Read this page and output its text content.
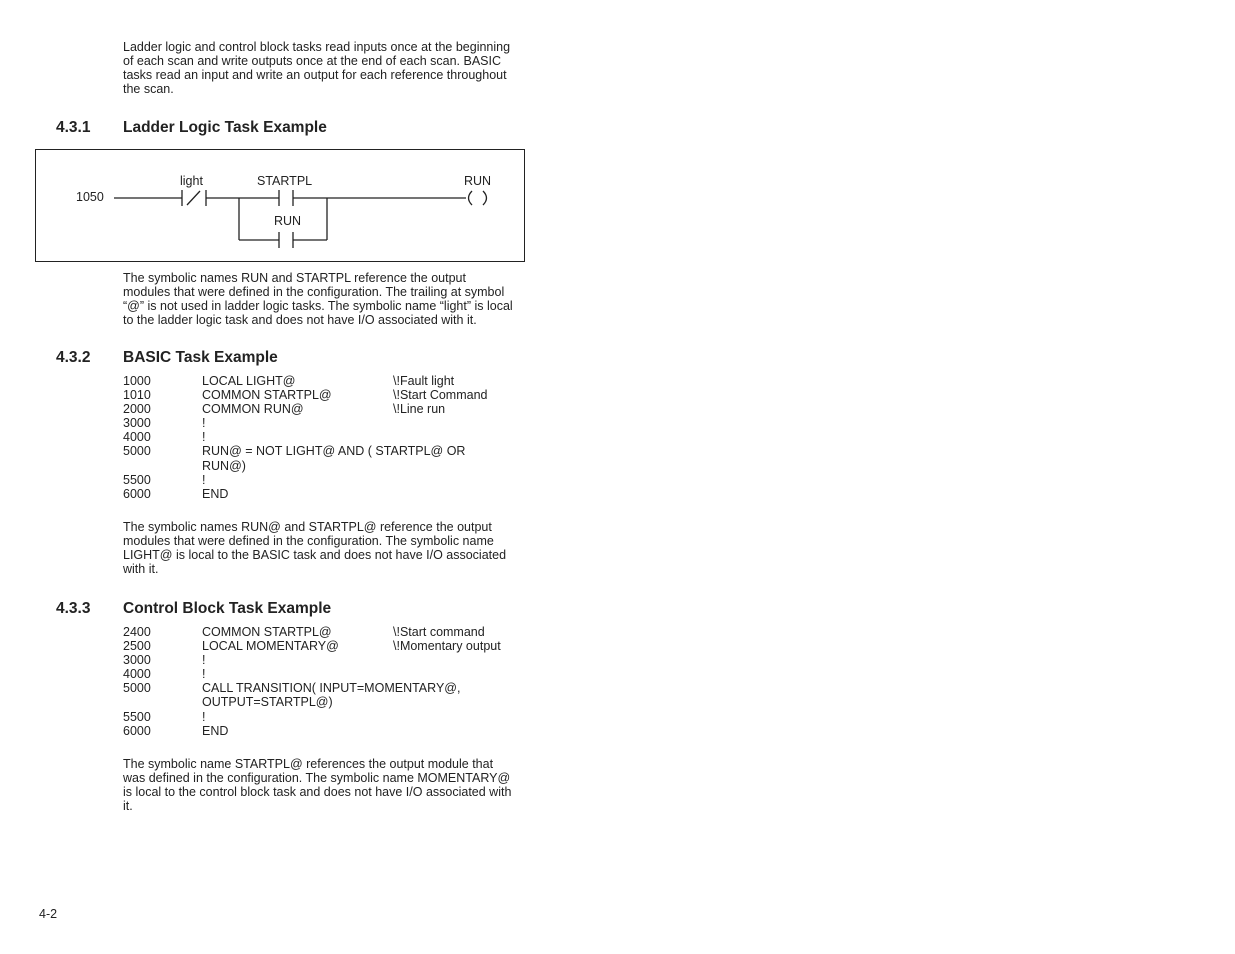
Ladder logic and control block tasks read inputs once at the beginning of each scan and write outputs once at the end of each scan. BASIC tasks read an input and write an output for each reference throughout the scan.
4.3.1 Ladder Logic Task Example
1050
light	STARTPL
RUN
RUN
The symbolic names RUN and STARTPL reference the output modules that were defined in the configuration. The trailing at symbol “@” is not used in ladder logic tasks. The symbolic name “light” is local to the ladder logic task and does not have I/O associated with it.
4.3.2 BASIC Task Example
1000	LOCAL LIGHT@	\!Fault light
1010	COMMON STARTPL@	\!Start Command
2000	COMMON RUN@	\!Line run
3000	!
4000	!
5000	RUN@ = NOT LIGHT@ AND ( STARTPL@ OR RUN@)
5500	!
6000	END
The symbolic names RUN@ and STARTPL@ reference the output modules that were defined in the configuration. The symbolic name LIGHT@ is local to the BASIC task and does not have I/O associated with it.
4.3.3 Control Block Task Example
2400	COMMON STARTPL@	\!Start command
2500	LOCAL MOMENTARY@	\!Momentary output
3000	!
4000	!
5000	CALL TRANSITION( INPUT=MOMENTARY@, OUTPUT=STARTPL@)
5500	!
6000	END
The symbolic name STARTPL@ references the output module that was defined in the configuration. The symbolic name MOMENTARY@ is local to the control block task and does not have I/O associated with it.
4-2
